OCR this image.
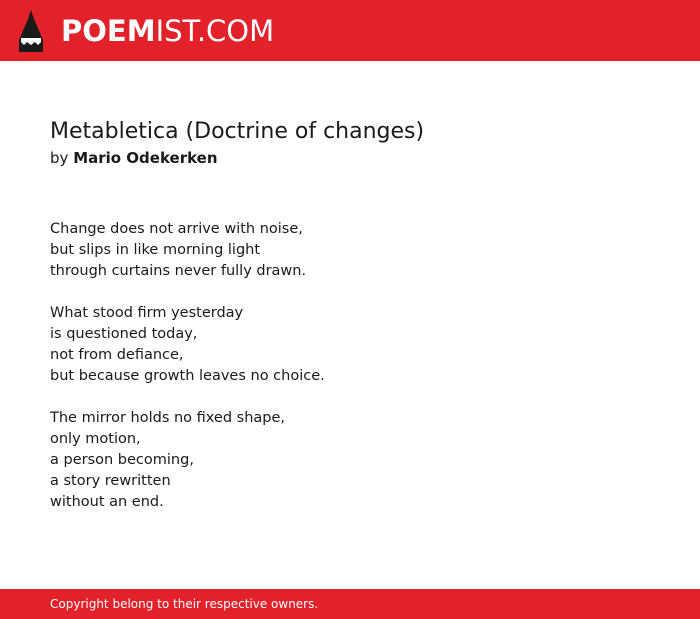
POEMIST.COM
Metabletica (Doctrine of changes)
by Mario Odekerken
Change does not arrive with noise,
but slips in like morning light
through curtains never fully drawn.
What stood firm yesterday
is questioned today,
not from defiance,
but because growth leaves no choice.
The mirror holds no fixed shape,
only motion,
a person becoming,
a story rewritten
without an end.
Copyright belong to their respective owners.
